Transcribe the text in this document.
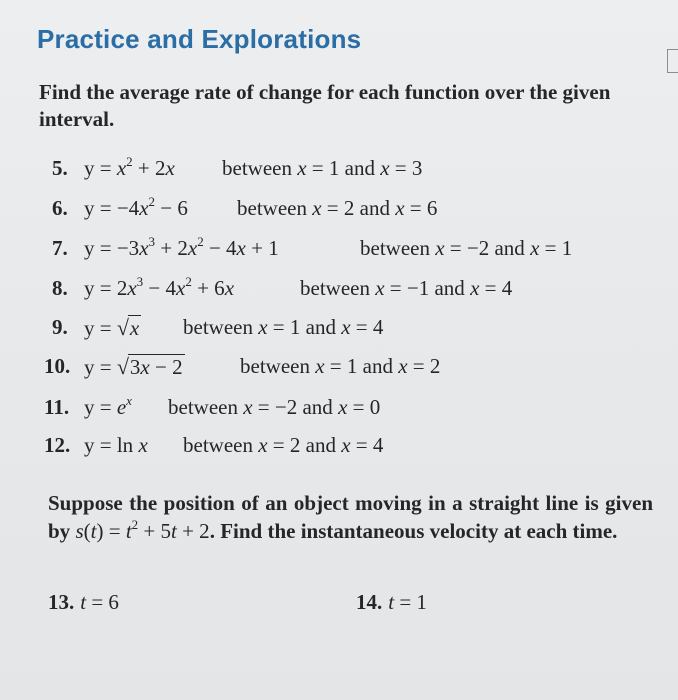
Practice and Explorations
Find the average rate of change for each function over the given interval.
5. $y = x^2 + 2x$ between x = 1 and x = 3
6. $y = -4x^2 - 6$ between x = 2 and x = 6
7. $y = -3x^3 + 2x^2 - 4x + 1$	between x = −2 and x = 1
8. $y = 2x^3 - 4x^2 + 6x$	between x = −1 and x = 4
9. y = √x between x = 1 and x = 4
10. y = √3x − 2	between x = 1 and x = 2
11. $y = e^x$ between x = −2 and x = 0
12. y = ln x between x = 2 and x = 4
Suppose the position of an object moving in a straight line is given by $s(t) = t^2 + 5t + 2$. Find the instantaneous velocity at each time.
13. t = 6	14. t = 1
